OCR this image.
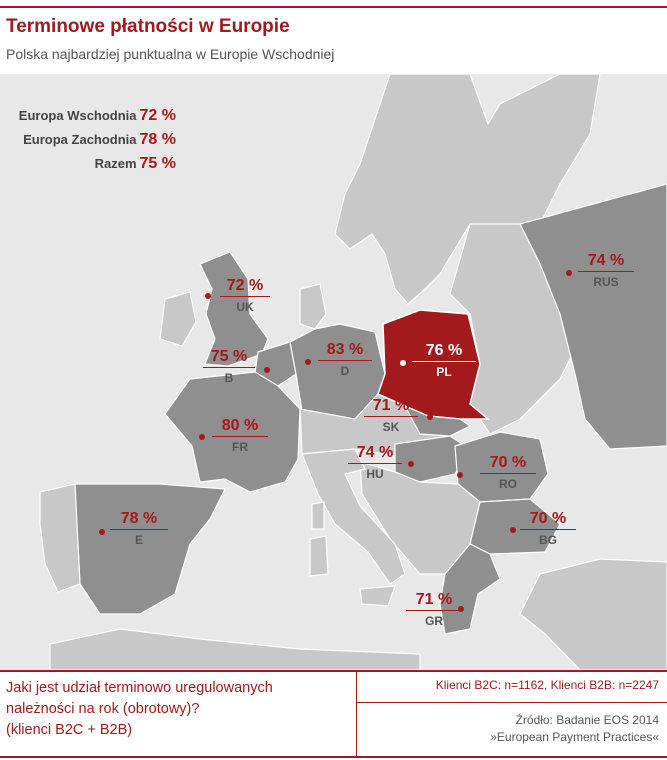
Terminowe płatności w Europie
Polska najbardziej punktualna w Europie Wschodniej
72 %
UK
75 %
B
83 %
D
76 %
PL
74 %
RUS
80 %
FR
71 %
SK
74 %
HU
70 %
RO
78 %
E
70 %
BG
71 %
GR
Europa Wschodnia 72 %
Europa Zachodnia 78 %
Razem 75 %
Jaki jest udział terminowo uregulowanych
należności na rok (obrotowy)?
(klienci B2C + B2B)
Klienci B2C: n=1162, Klienci B2B: n=2247
Źródło: Badanie EOS 2014
»European Payment Practices«
